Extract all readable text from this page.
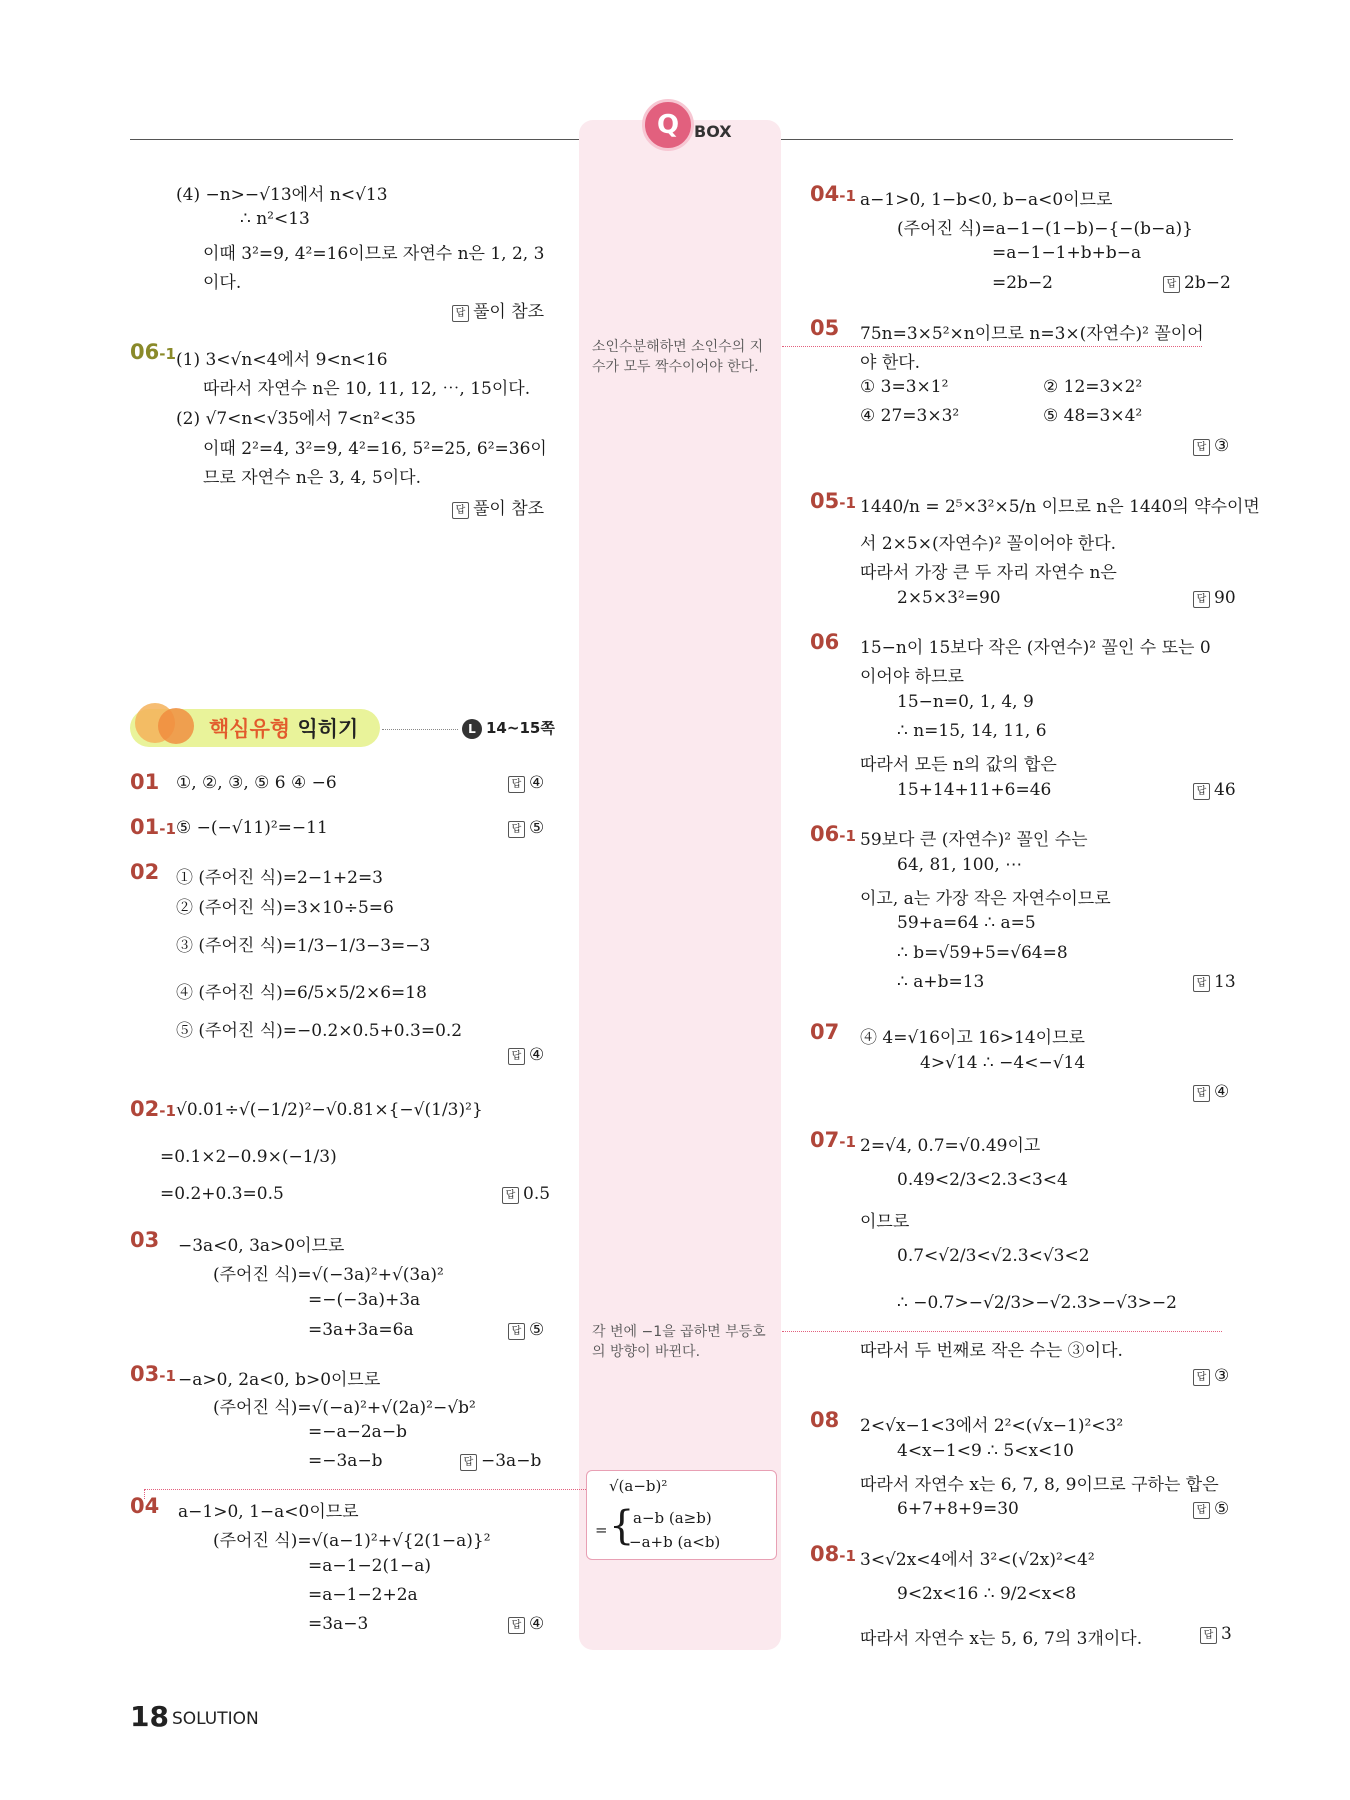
Q BOX
소인수분해하면 소인수의 지수가 모두 짝수이어야 한다.
각 변에 −1을 곱하면 부등호의 방향이 바뀐다.
√(a−b)²
= {
a−b (a≥b)
−a+b (a<b)
(4) −n>−√13에서 n<√13
∴ n²<13
이때 3²=9, 4²=16이므로 자연수 n은 1, 2, 3
이다.
답 풀이 참조
06-1 (1) 3<√n<4에서 9<n<16
따라서 자연수 n은 10, 11, 12, ⋯, 15이다.
(2) √7<n<√35에서 7<n²<35
이때 2²=4, 3²=9, 4²=16, 5²=25, 6²=36이
므로 자연수 n은 3, 4, 5이다.
답 풀이 참조
핵심유형 익히기	L 14~15쪽
01 ①, ②, ③, ⑤ 6 ④ −6	답 ④
01-1 ⑤ −(−√11)²=−11	답 ⑤
02 ① (주어진 식)=2−1+2=3
② (주어진 식)=3×10÷5=6
③ (주어진 식)=1/3−1/3−3=−3
④ (주어진 식)=6/5×5/2×6=18
⑤ (주어진 식)=−0.2×0.5+0.3=0.2
답 ④
02-1 √0.01÷√(−1/2)²−√0.81×{−√(1/3)²}
=0.1×2−0.9×(−1/3)
=0.2+0.3=0.5	답 0.5
03 −3a<0, 3a>0이므로
(주어진 식)=√(−3a)²+√(3a)²
=−(−3a)+3a
=3a+3a=6a	답 ⑤
03-1 −a>0, 2a<0, b>0이므로
(주어진 식)=√(−a)²+√(2a)²−√b²
=−a−2a−b
=−3a−b	답 −3a−b
04 a−1>0, 1−a<0이므로
(주어진 식)=√(a−1)²+√{2(1−a)}²
=a−1−2(1−a)
=a−1−2+2a
=3a−3	답 ④
04-1 a−1>0, 1−b<0, b−a<0이므로
(주어진 식)=a−1−(1−b)−{−(b−a)}
=a−1−1+b+b−a
=2b−2	답 2b−2
05 75n=3×5²×n이므로 n=3×(자연수)² 꼴이어
야 한다.
① 3=3×1²	② 12=3×2²
④ 27=3×3²	⑤ 48=3×4²
답 ③
05-1 1440/n = 2⁵×3²×5/n 이므로 n은 1440의 약수이면
서 2×5×(자연수)² 꼴이어야 한다.
따라서 가장 큰 두 자리 자연수 n은
2×5×3²=90	답 90
06 15−n이 15보다 작은 (자연수)² 꼴인 수 또는 0
이어야 하므로
15−n=0, 1, 4, 9
∴ n=15, 14, 11, 6
따라서 모든 n의 값의 합은
15+14+11+6=46	답 46
06-1 59보다 큰 (자연수)² 꼴인 수는
64, 81, 100, ⋯
이고, a는 가장 작은 자연수이므로
59+a=64 ∴ a=5
∴ b=√59+5=√64=8
∴ a+b=13	답 13
07 ④ 4=√16이고 16>14이므로
4>√14 ∴ −4<−√14
답 ④
07-1 2=√4, 0.7=√0.49이고
0.49<2/3<2.3<3<4
이므로
0.7<√2/3<√2.3<√3<2
∴ −0.7>−√2/3>−√2.3>−√3>−2
따라서 두 번째로 작은 수는 ③이다.
답 ③
08 2<√x−1<3에서 2²<(√x−1)²<3²
4<x−1<9 ∴ 5<x<10
따라서 자연수 x는 6, 7, 8, 9이므로 구하는 합은
6+7+8+9=30	답 ⑤
08-1 3<√2x<4에서 3²<(√2x)²<4²
9<2x<16 ∴ 9/2<x<8
따라서 자연수 x는 5, 6, 7의 3개이다.	답 3
18 SOLUTION
